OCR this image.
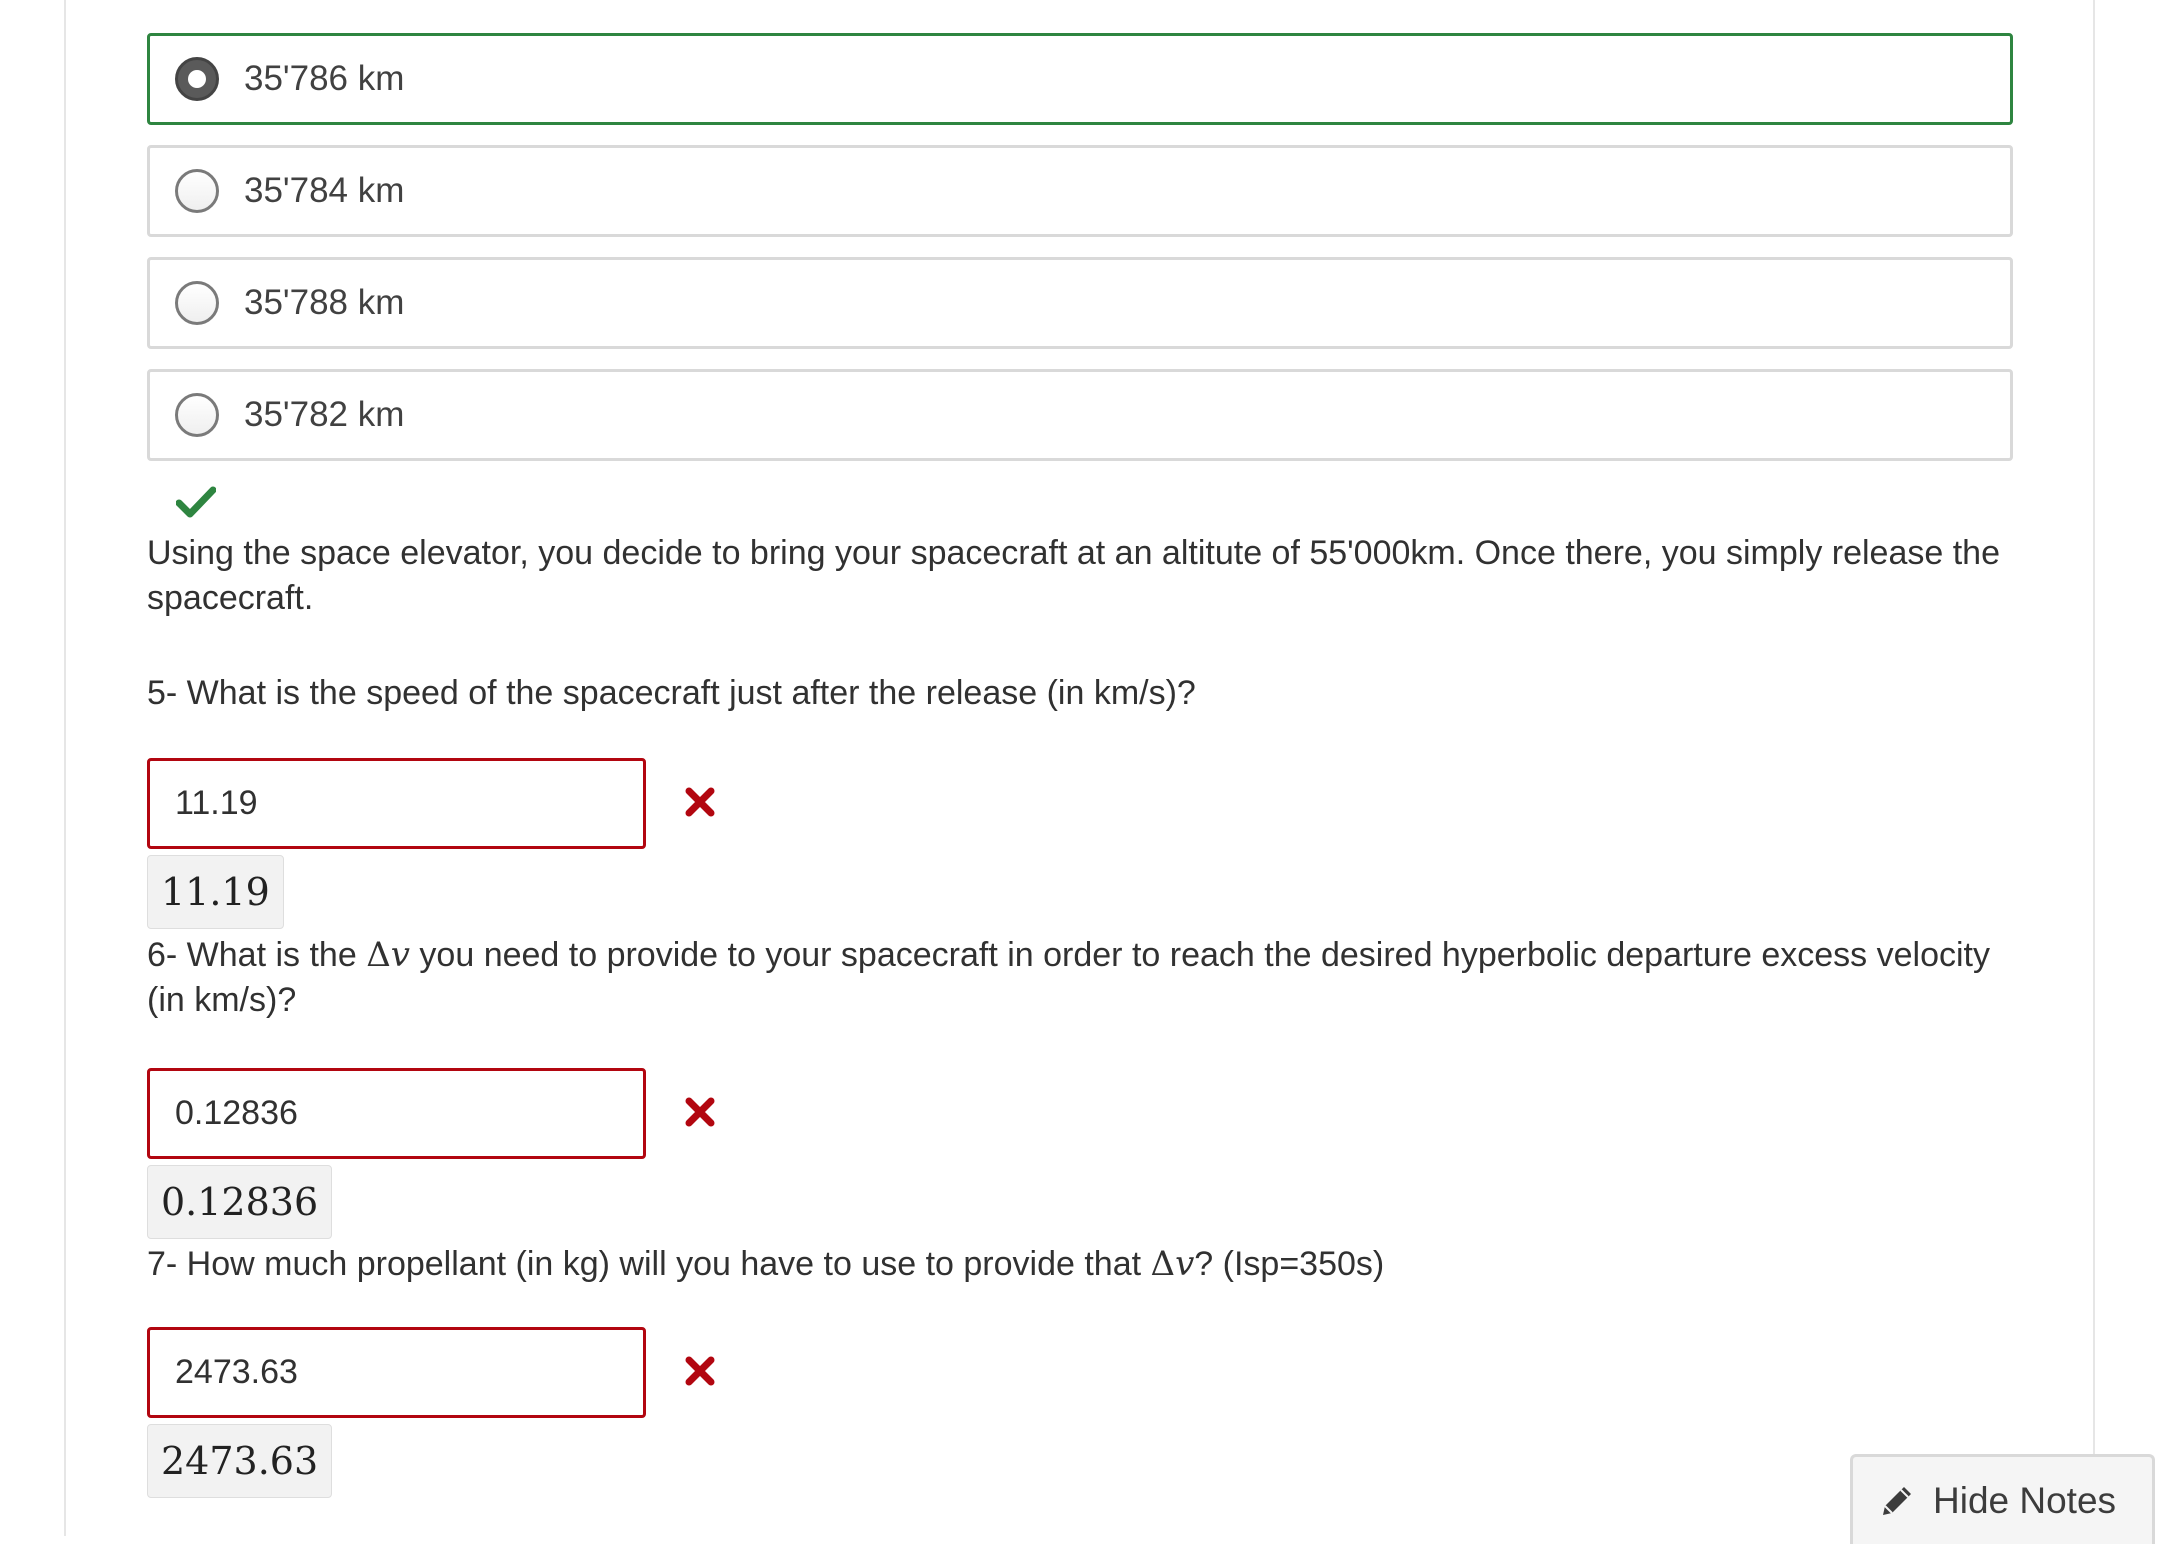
35'786 km
35'784 km
35'788 km
35'782 km
Using the space elevator, you decide to bring your spacecraft at an altitute of 55'000km. Once there, you simply release the spacecraft.
5- What is the speed of the spacecraft just after the release (in km/s)?
11.19
11.19
6- What is the Δv you need to provide to your spacecraft in order to reach the desired hyperbolic departure excess velocity (in km/s)?
0.12836
0.12836
7- How much propellant (in kg) will you have to use to provide that Δv? (Isp=350s)
2473.63
2473.63
Hide Notes
